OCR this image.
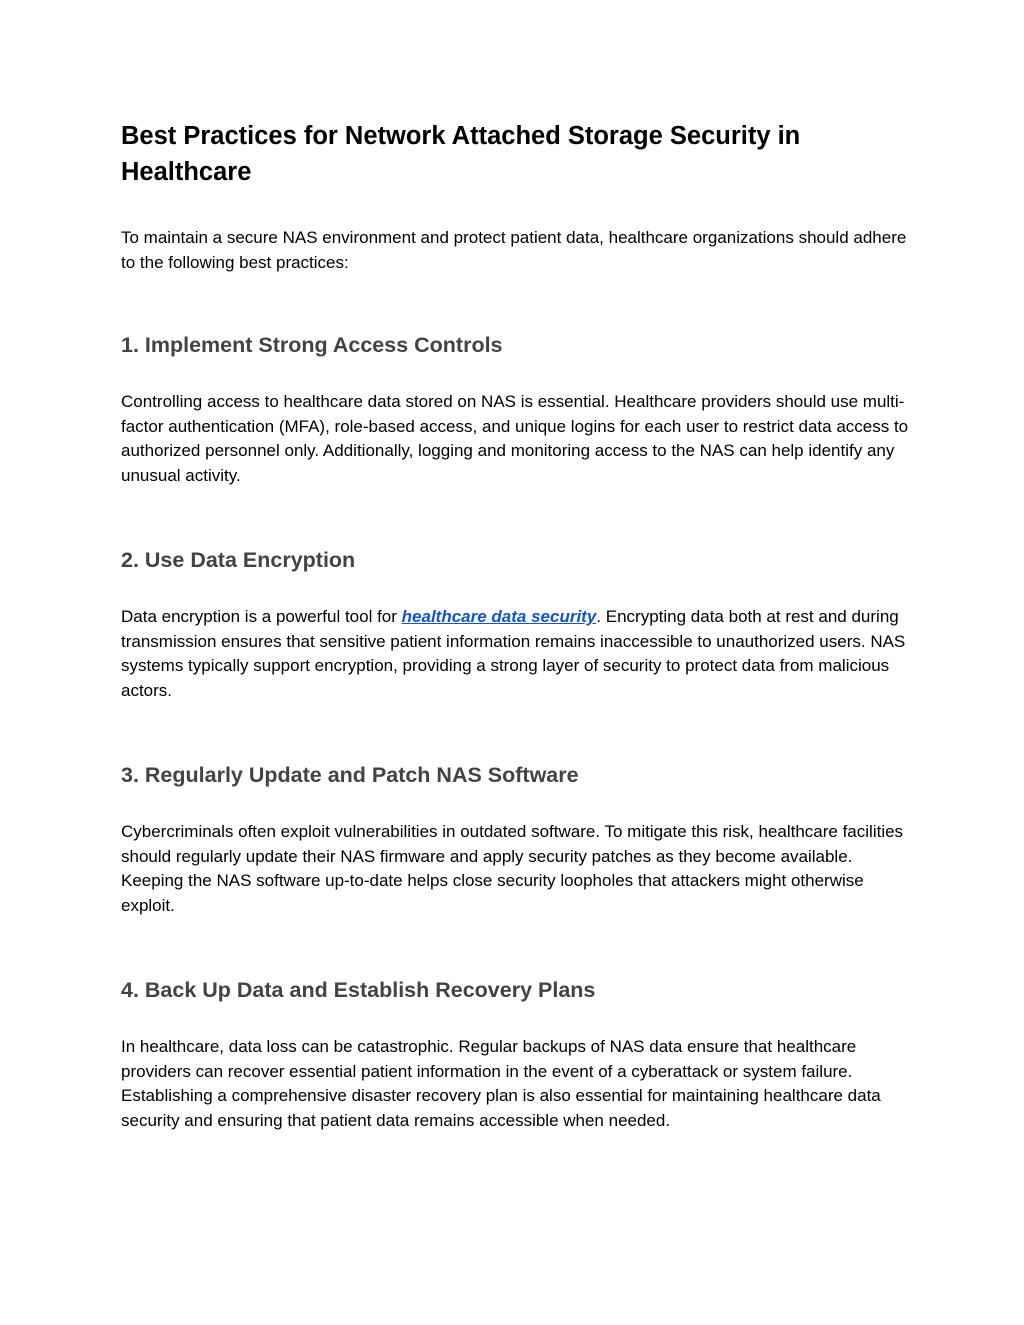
Best Practices for Network Attached Storage Security in Healthcare

To maintain a secure NAS environment and protect patient data, healthcare organizations should adhere to the following best practices:

1. Implement Strong Access Controls

Controlling access to healthcare data stored on NAS is essential. Healthcare providers should use multi-factor authentication (MFA), role-based access, and unique logins for each user to restrict data access to authorized personnel only. Additionally, logging and monitoring access to the NAS can help identify any unusual activity.

2. Use Data Encryption

Data encryption is a powerful tool for healthcare data security. Encrypting data both at rest and during transmission ensures that sensitive patient information remains inaccessible to unauthorized users. NAS systems typically support encryption, providing a strong layer of security to protect data from malicious actors.

3. Regularly Update and Patch NAS Software

Cybercriminals often exploit vulnerabilities in outdated software. To mitigate this risk, healthcare facilities should regularly update their NAS firmware and apply security patches as they become available. Keeping the NAS software up-to-date helps close security loopholes that attackers might otherwise exploit.

4. Back Up Data and Establish Recovery Plans

In healthcare, data loss can be catastrophic. Regular backups of NAS data ensure that healthcare providers can recover essential patient information in the event of a cyberattack or system failure. Establishing a comprehensive disaster recovery plan is also essential for maintaining healthcare data security and ensuring that patient data remains accessible when needed.
